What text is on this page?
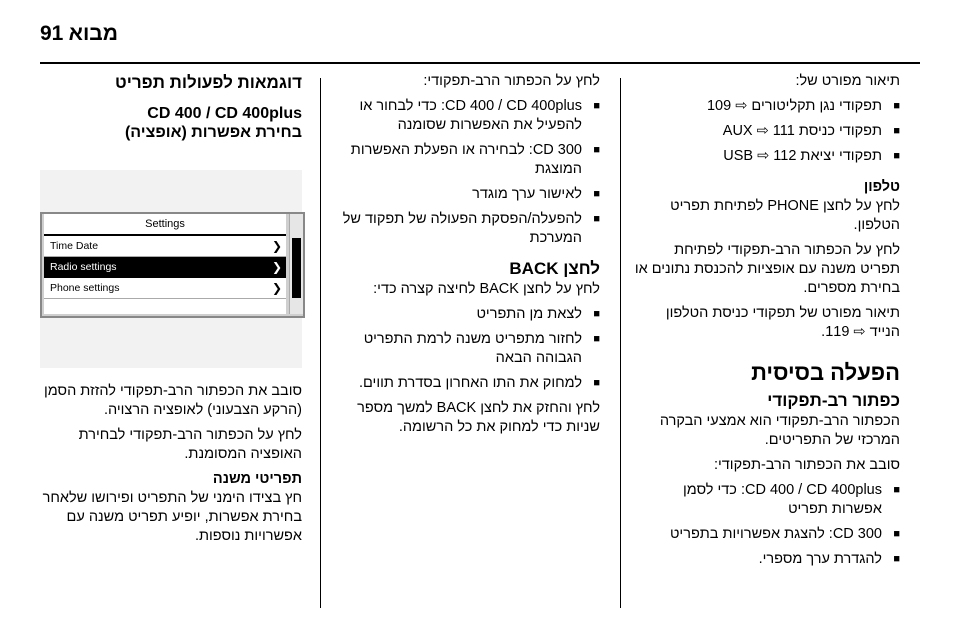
91 מבוא

תיאור מפורט של:

■ תפקודי נגן תקליטורים ⇨ 109

■ תפקודי כניסת AUX ⇨ 111

■ תפקודי יציאת USB ⇨ 112

טלפון

לחץ על לחצן PHONE לפתיחת תפריט הטלפון.

לחץ על הכפתור הרב-תפקודי לפתיחת תפריט משנה עם אופציות להכנסת נתונים או בחירת מספרים.

תיאור מפורט של תפקודי כניסת הטלפון הנייד ⇨ 119.

הפעלה בסיסית

כפתור רב-תפקודי

הכפתור הרב-תפקודי הוא אמצעי הבקרה המרכזי של התפריטים.

סובב את הכפתור הרב-תפקודי:

■ CD 400 / CD 400plus: כדי לסמן אפשרות תפריט

■ CD 300: להצגת אפשרויות בתפריט

■ להגדרת ערך מספרי.

לחץ על הכפתור הרב-תפקודי:

■ CD 400 / CD 400plus: כדי לבחור או להפעיל את האפשרות שסומנה

■ CD 300: לבחירה או הפעלת האפשרות המוצגת

■ לאישור ערך מוגדר

■ להפעלה/הפסקת הפעולה של תפקוד של המערכת

לחצן BACK

לחץ על לחצן BACK לחיצה קצרה כדי:

■ לצאת מן התפריט

■ לחזור מתפריט משנה לרמת התפריט הגבוהה הבאה

■ למחוק את התו האחרון בסדרת תווים.

לחץ והחזק את לחצן BACK למשך מספר שניות כדי למחוק את כל הרשומה.

דוגמאות לפעולות תפריט

CD 400 / CD 400plus

בחירת אפשרות (אופציה)

Settings
Time Date	❯
Radio settings	❯
Phone settings	❯

סובב את הכפתור הרב-תפקודי להזזת הסמן (הרקע הצבעוני) לאופציה הרצויה.

לחץ על הכפתור הרב-תפקודי לבחירת האופציה המסומנת.

תפריטי משנה

חץ בצידו הימני של התפריט ופירושו שלאחר בחירת אפשרות, יופיע תפריט משנה עם אפשרויות נוספות.
